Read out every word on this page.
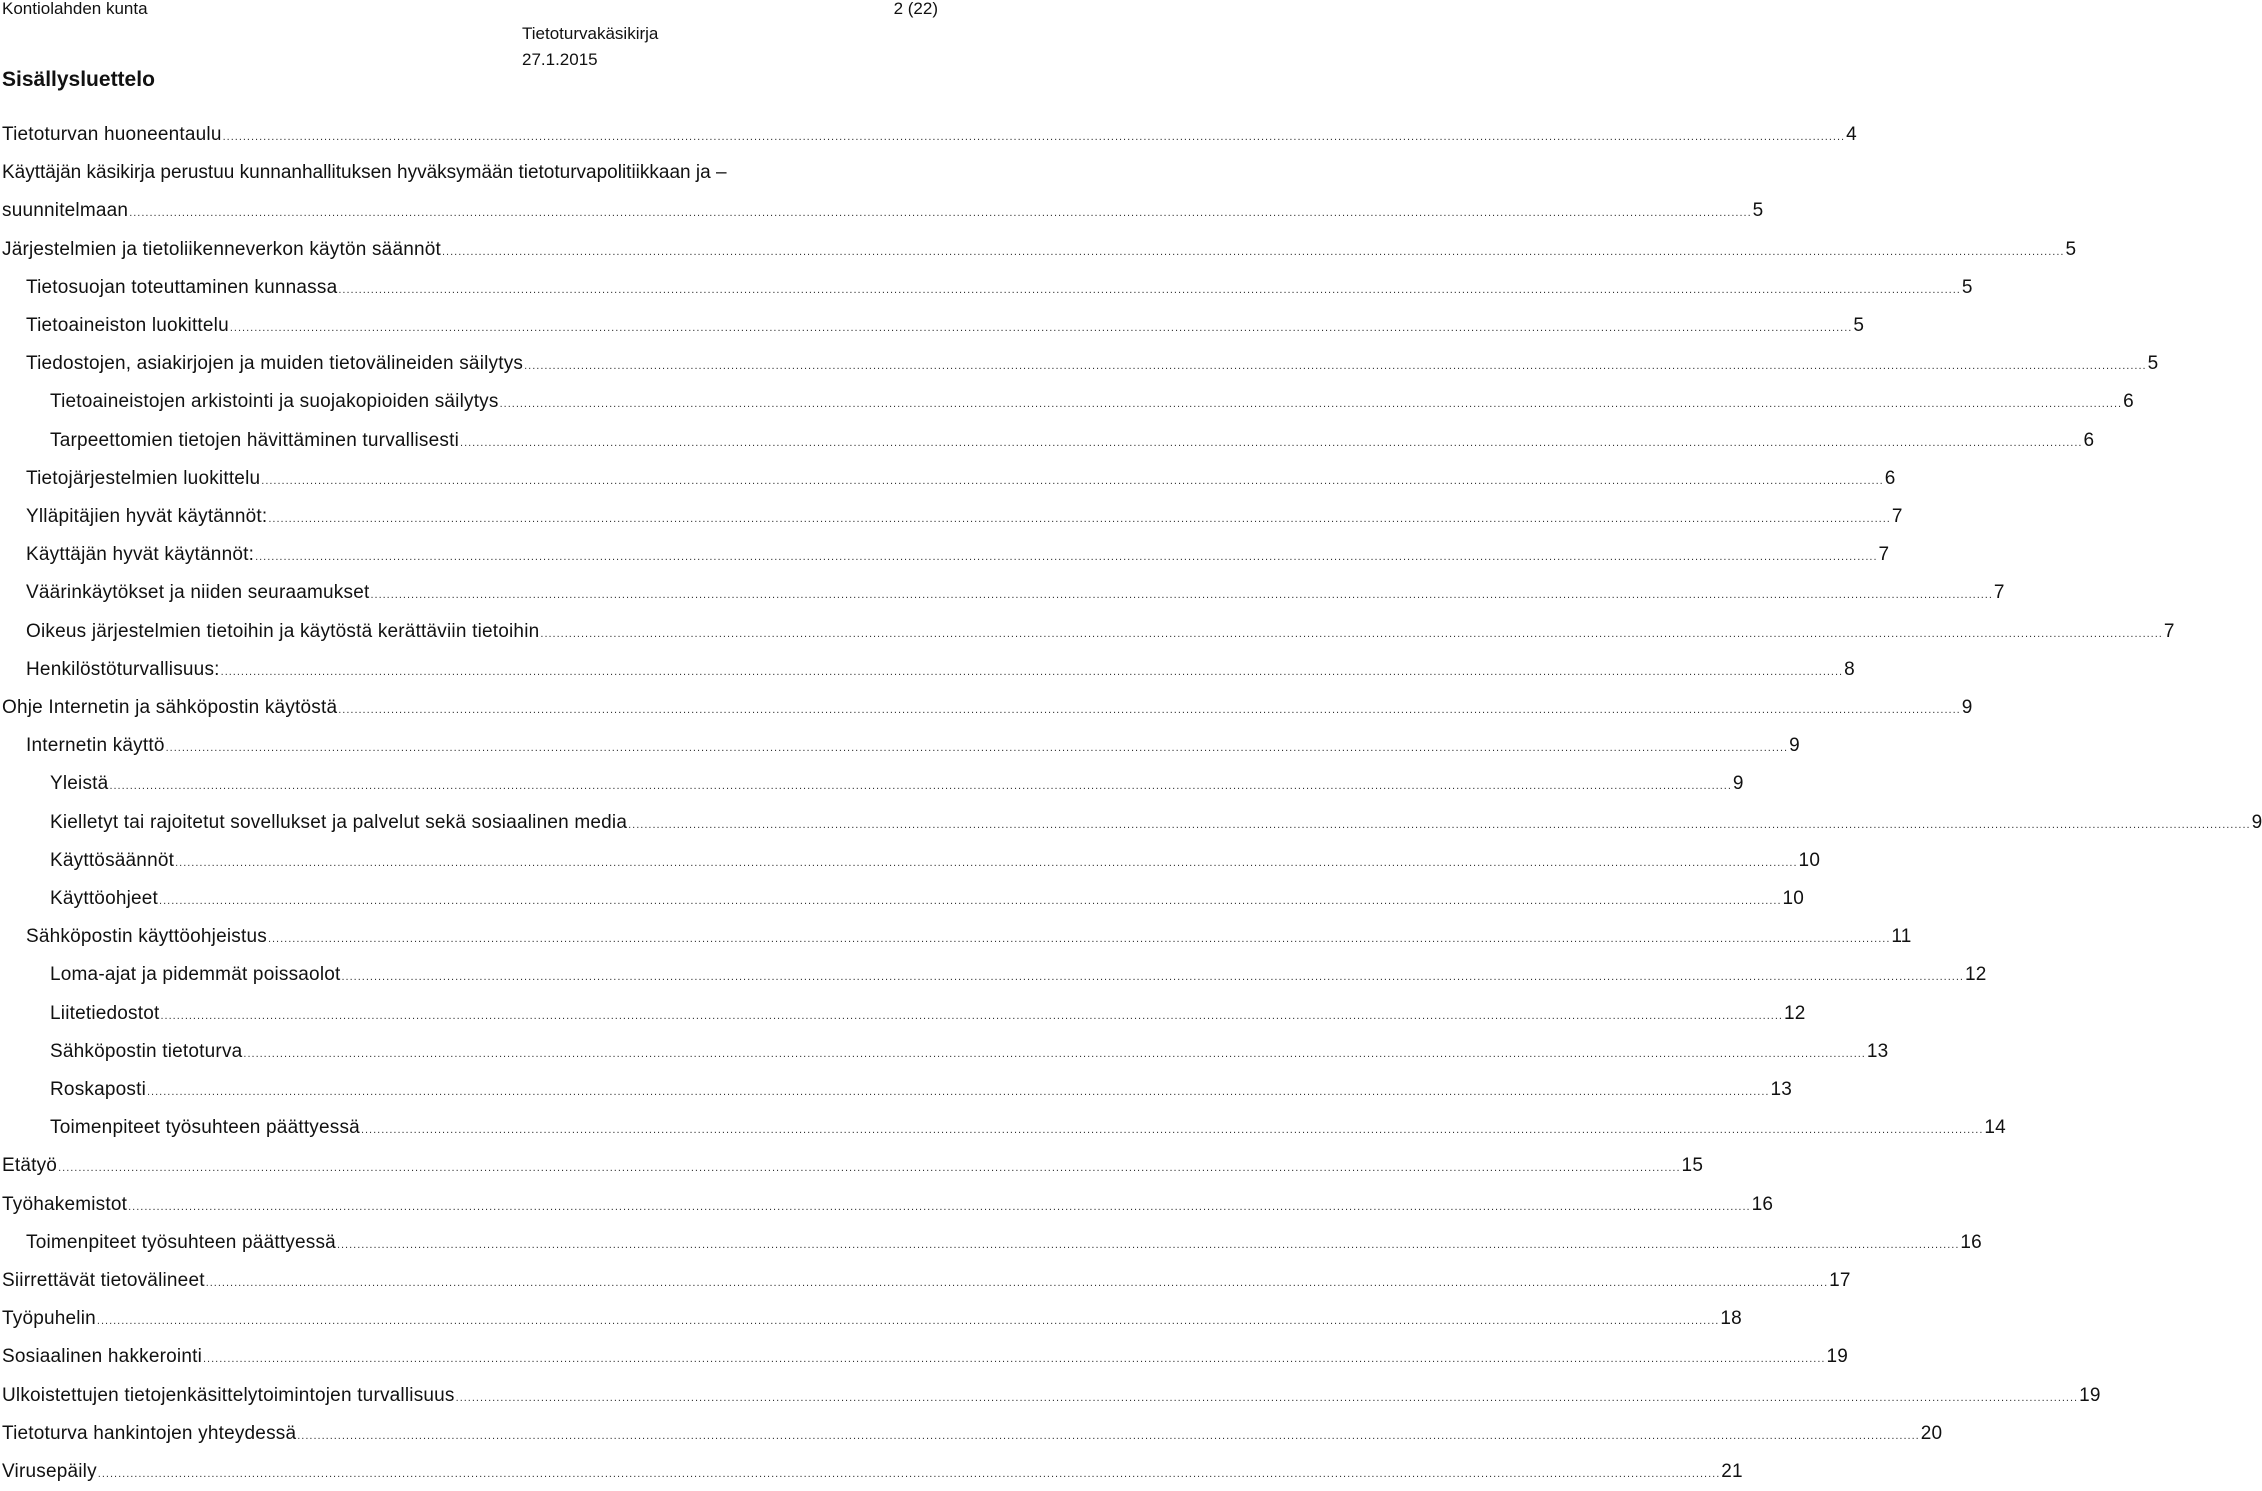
Kontiolahden kunta
Tietoturvakäsikirja
27.1.2015
2 (22)
Sisällysluettelo
Tietoturvan huoneentaulu ................................................................................................................................................................................................................................................................................................................................................................................................................ 4
Käyttäjän käsikirja perustuu kunnanhallituksen hyväksymään tietoturvapolitiikkaan ja –
suunnitelmaan ................................................................................................................................................................................................................................................................................................................................................................................................................ 5
Järjestelmien ja tietoliikenneverkon käytön säännöt ................................................................................................................................................................................................................................................................................................................................................................................................................ 5
Tietosuojan toteuttaminen kunnassa ................................................................................................................................................................................................................................................................................................................................................................................................................ 5
Tietoaineiston luokittelu ................................................................................................................................................................................................................................................................................................................................................................................................................ 5
Tiedostojen, asiakirjojen ja muiden tietovälineiden säilytys ................................................................................................................................................................................................................................................................................................................................................................................................................ 5
Tietoaineistojen arkistointi ja suojakopioiden säilytys ................................................................................................................................................................................................................................................................................................................................................................................................................ 6
Tarpeettomien tietojen hävittäminen turvallisesti ................................................................................................................................................................................................................................................................................................................................................................................................................ 6
Tietojärjestelmien luokittelu ................................................................................................................................................................................................................................................................................................................................................................................................................ 6
Ylläpitäjien hyvät käytännöt: ................................................................................................................................................................................................................................................................................................................................................................................................................ 7
Käyttäjän hyvät käytännöt: ................................................................................................................................................................................................................................................................................................................................................................................................................ 7
Väärinkäytökset ja niiden seuraamukset ................................................................................................................................................................................................................................................................................................................................................................................................................ 7
Oikeus järjestelmien tietoihin ja käytöstä kerättäviin tietoihin ................................................................................................................................................................................................................................................................................................................................................................................................................ 7
Henkilöstöturvallisuus: ................................................................................................................................................................................................................................................................................................................................................................................................................ 8
Ohje Internetin ja sähköpostin käytöstä ................................................................................................................................................................................................................................................................................................................................................................................................................ 9
Internetin käyttö ................................................................................................................................................................................................................................................................................................................................................................................................................ 9
Yleistä ................................................................................................................................................................................................................................................................................................................................................................................................................ 9
Kielletyt tai rajoitetut sovellukset ja palvelut sekä sosiaalinen media ................................................................................................................................................................................................................................................................................................................................................................................................................ 9
Käyttösäännöt ................................................................................................................................................................................................................................................................................................................................................................................................................ 10
Käyttöohjeet ................................................................................................................................................................................................................................................................................................................................................................................................................ 10
Sähköpostin käyttöohjeistus ................................................................................................................................................................................................................................................................................................................................................................................................................ 11
Loma-ajat ja pidemmät poissaolot ................................................................................................................................................................................................................................................................................................................................................................................................................ 12
Liitetiedostot ................................................................................................................................................................................................................................................................................................................................................................................................................ 12
Sähköpostin tietoturva ................................................................................................................................................................................................................................................................................................................................................................................................................ 13
Roskaposti ................................................................................................................................................................................................................................................................................................................................................................................................................ 13
Toimenpiteet työsuhteen päättyessä ................................................................................................................................................................................................................................................................................................................................................................................................................ 14
Etätyö ................................................................................................................................................................................................................................................................................................................................................................................................................ 15
Työhakemistot ................................................................................................................................................................................................................................................................................................................................................................................................................ 16
Toimenpiteet työsuhteen päättyessä ................................................................................................................................................................................................................................................................................................................................................................................................................ 16
Siirrettävät tietovälineet ................................................................................................................................................................................................................................................................................................................................................................................................................ 17
Työpuhelin ................................................................................................................................................................................................................................................................................................................................................................................................................ 18
Sosiaalinen hakkerointi ................................................................................................................................................................................................................................................................................................................................................................................................................ 19
Ulkoistettujen tietojenkäsittelytoimintojen turvallisuus ................................................................................................................................................................................................................................................................................................................................................................................................................ 19
Tietoturva hankintojen yhteydessä ................................................................................................................................................................................................................................................................................................................................................................................................................ 20
Virusepäily ................................................................................................................................................................................................................................................................................................................................................................................................................ 21
